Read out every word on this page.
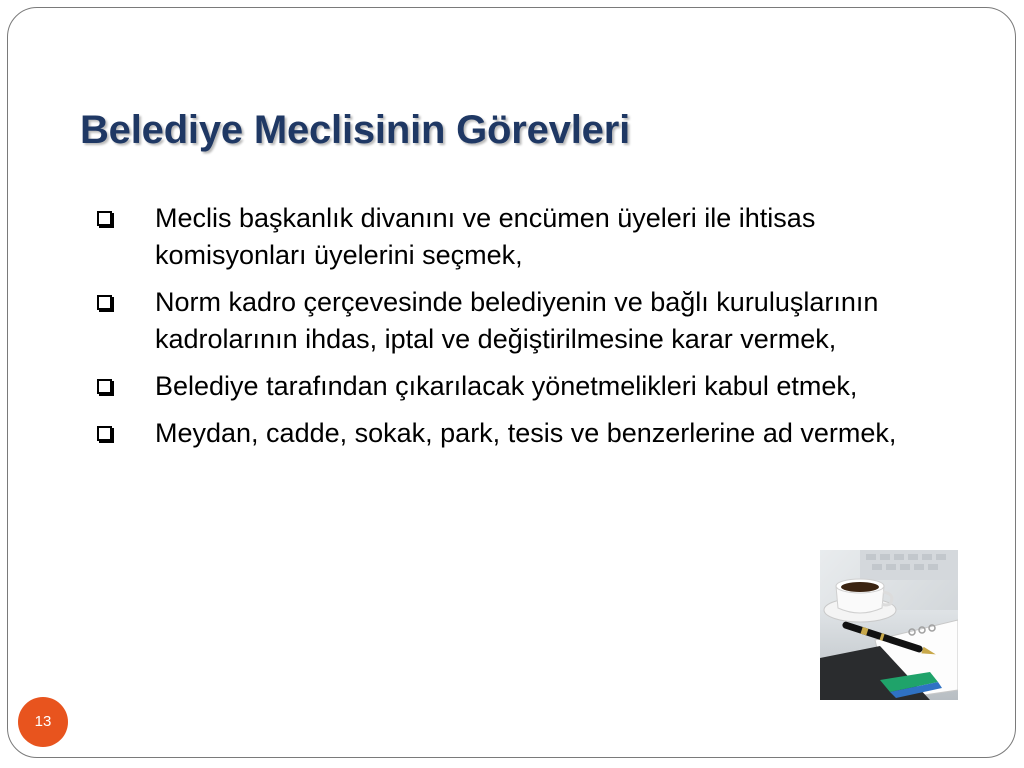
Belediye Meclisinin Görevleri
Meclis başkanlık divanını ve encümen üyeleri ile ihtisas komisyonları üyelerini seçmek,
Norm kadro çerçevesinde belediyenin ve bağlı kuruluşlarının kadrolarının ihdas, iptal ve değiştirilmesine karar vermek,
Belediye tarafından çıkarılacak yönetmelikleri kabul etmek,
Meydan, cadde, sokak, park, tesis ve benzerlerine ad vermek,
13
